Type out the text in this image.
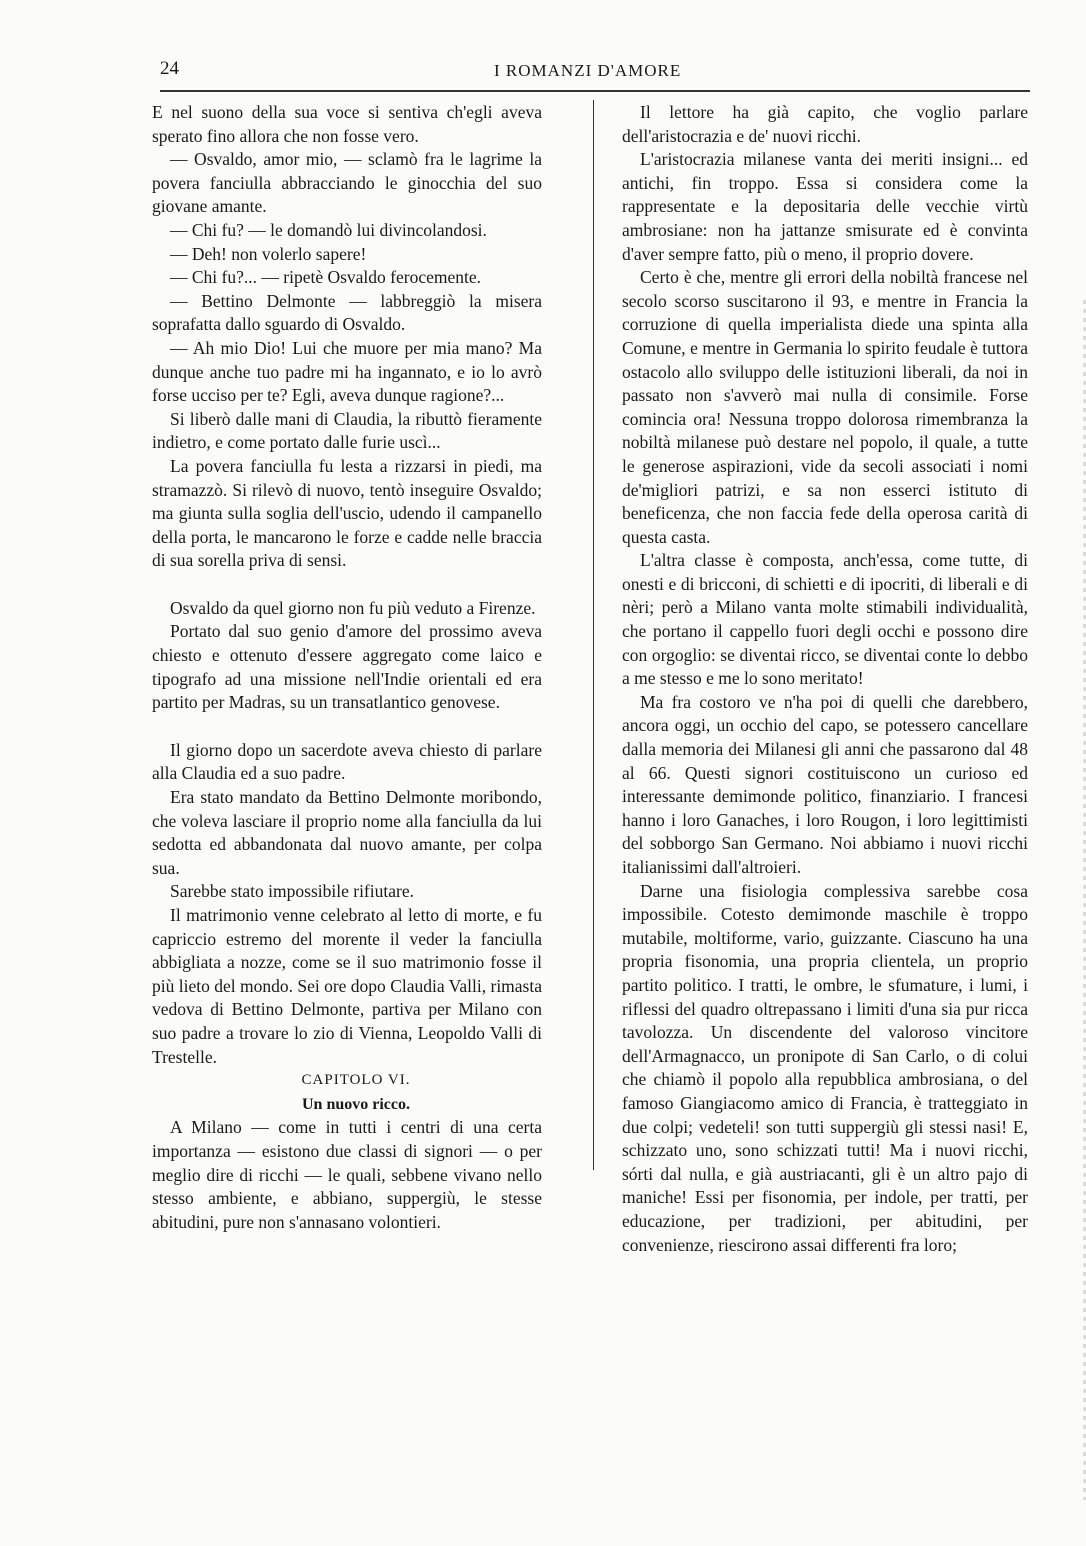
24	I ROMANZI D'AMORE

E nel suono della sua voce si sentiva ch'egli aveva sperato fino allora che non fosse vero.

— Osvaldo, amor mio, — sclamò fra le lagrime la povera fanciulla abbracciando le ginocchia del suo giovane amante.

— Chi fu? — le domandò lui divincolandosi.

— Deh! non volerlo sapere!

— Chi fu?... — ripetè Osvaldo ferocemente.

— Bettino Delmonte — labbreggiò la misera soprafatta dallo sguardo di Osvaldo.

— Ah mio Dio! Lui che muore per mia mano? Ma dunque anche tuo padre mi ha ingannato, e io lo avrò forse ucciso per te? Egli, aveva dunque ragione?...

Si liberò dalle mani di Claudia, la ributtò fieramente indietro, e come portato dalle furie uscì...

La povera fanciulla fu lesta a rizzarsi in piedi, ma stramazzò. Si rilevò di nuovo, tentò inseguire Osvaldo; ma giunta sulla soglia dell'uscio, udendo il campanello della porta, le mancarono le forze e cadde nelle braccia di sua sorella priva di sensi.

Osvaldo da quel giorno non fu più veduto a Firenze.

Portato dal suo genio d'amore del prossimo aveva chiesto e ottenuto d'essere aggregato come laico e tipografo ad una missione nell'Indie orientali ed era partito per Madras, su un transatlantico genovese.

Il giorno dopo un sacerdote aveva chiesto di parlare alla Claudia ed a suo padre.

Era stato mandato da Bettino Delmonte moribondo, che voleva lasciare il proprio nome alla fanciulla da lui sedotta ed abbandonata dal nuovo amante, per colpa sua.

Sarebbe stato impossibile rifiutare.

Il matrimonio venne celebrato al letto di morte, e fu capriccio estremo del morente il veder la fanciulla abbigliata a nozze, come se il suo matrimonio fosse il più lieto del mondo. Sei ore dopo Claudia Valli, rimasta vedova di Bettino Delmonte, partiva per Milano con suo padre a trovare lo zio di Vienna, Leopoldo Valli di Trestelle.

CAPITOLO VI.

Un nuovo ricco.

A Milano — come in tutti i centri di una certa importanza — esistono due classi di signori — o per meglio dire di ricchi — le quali, sebbene vivano nello stesso ambiente, e abbiano, suppergiù, le stesse abitudini, pure non s'annasano volontieri.

Il lettore ha già capito, che voglio parlare dell'aristocrazia e de' nuovi ricchi.

L'aristocrazia milanese vanta dei meriti insigni... ed antichi, fin troppo. Essa si considera come la rappresentate e la depositaria delle vecchie virtù ambrosiane: non ha jattanze smisurate ed è convinta d'aver sempre fatto, più o meno, il proprio dovere.

Certo è che, mentre gli errori della nobiltà francese nel secolo scorso suscitarono il 93, e mentre in Francia la corruzione di quella imperialista diede una spinta alla Comune, e mentre in Germania lo spirito feudale è tuttora ostacolo allo sviluppo delle istituzioni liberali, da noi in passato non s'avverò mai nulla di consimile. Forse comincia ora! Nessuna troppo dolorosa rimembranza la nobiltà milanese può destare nel popolo, il quale, a tutte le generose aspirazioni, vide da secoli associati i nomi de'migliori patrizi, e sa non esserci istituto di beneficenza, che non faccia fede della operosa carità di questa casta.

L'altra classe è composta, anch'essa, come tutte, di onesti e di bricconi, di schietti e di ipocriti, di liberali e di nèri; però a Milano vanta molte stimabili individualità, che portano il cappello fuori degli occhi e possono dire con orgoglio: se diventai ricco, se diventai conte lo debbo a me stesso e me lo sono meritato!

Ma fra costoro ve n'ha poi di quelli che darebbero, ancora oggi, un occhio del capo, se potessero cancellare dalla memoria dei Milanesi gli anni che passarono dal 48 al 66. Questi signori costituiscono un curioso ed interessante demimonde politico, finanziario. I francesi hanno i loro Ganaches, i loro Rougon, i loro legittimisti del sobborgo San Germano. Noi abbiamo i nuovi ricchi italianissimi dall'altroieri.

Darne una fisiologia complessiva sarebbe cosa impossibile. Cotesto demimonde maschile è troppo mutabile, moltiforme, vario, guizzante. Ciascuno ha una propria fisonomia, una propria clientela, un proprio partito politico. I tratti, le ombre, le sfumature, i lumi, i riflessi del quadro oltrepassano i limiti d'una sia pur ricca tavolozza. Un discendente del valoroso vincitore dell'Armagnacco, un pronipote di San Carlo, o di colui che chiamò il popolo alla repubblica ambrosiana, o del famoso Giangiacomo amico di Francia, è tratteggiato in due colpi; vedeteli! son tutti suppergiù gli stessi nasi! E, schizzato uno, sono schizzati tutti! Ma i nuovi ricchi, sórti dal nulla, e già austriacanti, gli è un altro pajo di maniche! Essi per fisonomia, per indole, per tratti, per educazione, per tradizioni, per abitudini, per convenienze, riescirono assai differenti fra loro;
